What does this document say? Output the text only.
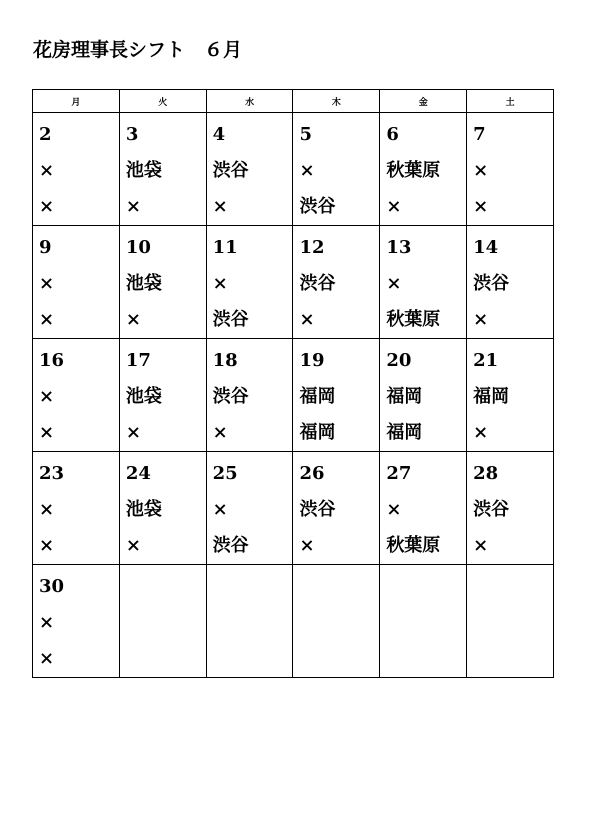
花房理事長シフト　６月
月	火	水	木	金	土

2
×
×	3
池袋
×	4
渋谷
×	5
×
渋谷	6
秋葉原
×	7
×
×

9
×
×	10
池袋
×	11
×
渋谷	12
渋谷
×	13
×
秋葉原	14
渋谷
×

16
×
×	17
池袋
×	18
渋谷
×	19
福岡
福岡	20
福岡
福岡	21
福岡
×

23
×
×	24
池袋
×	25
×
渋谷	26
渋谷
×	27
×
秋葉原	28
渋谷
×

30
×
×					
